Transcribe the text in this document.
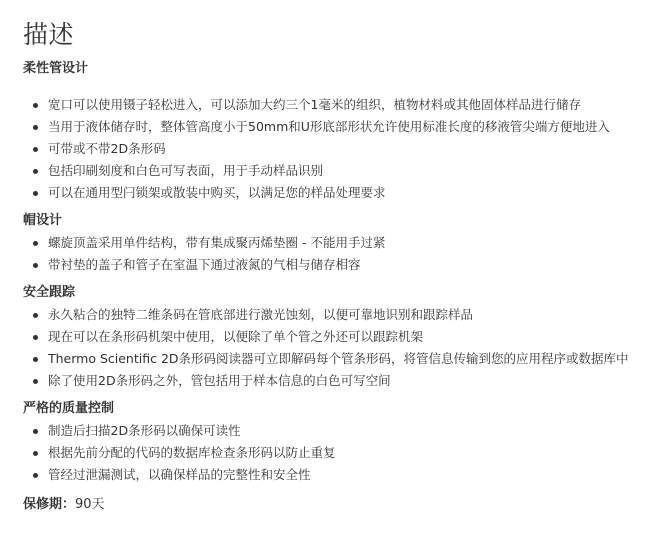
描述
柔性管设计
宽口可以使用镊子轻松进入，可以添加大约三个1毫米的组织，植物材料或其他固体样品进行储存
当用于液体储存时，整体管高度小于50mm和U形底部形状允许使用标准长度的移液管尖端方便地进入
可带或不带2D条形码
包括印刷刻度和白色可写表面，用于手动样品识别
可以在通用型闩锁架或散装中购买，以满足您的样品处理要求
帽设计
螺旋顶盖采用单件结构，带有集成聚丙烯垫圈 - 不能用手过紧
带衬垫的盖子和管子在室温下通过液氮的气相与储存相容
安全跟踪
永久粘合的独特二维条码在管底部进行激光蚀刻，以便可靠地识别和跟踪样品
现在可以在条形码机架中使用，以便除了单个管之外还可以跟踪机架
Thermo Scientific 2D条形码阅读器可立即解码每个管条形码，将管信息传输到您的应用程序或数据库中
除了使用2D条形码之外，管包括用于样本信息的白色可写空间
严格的质量控制
制造后扫描2D条形码以确保可读性
根据先前分配的代码的数据库检查条形码以防止重复
管经过泄漏测试，以确保样品的完整性和安全性
保修期：90天
